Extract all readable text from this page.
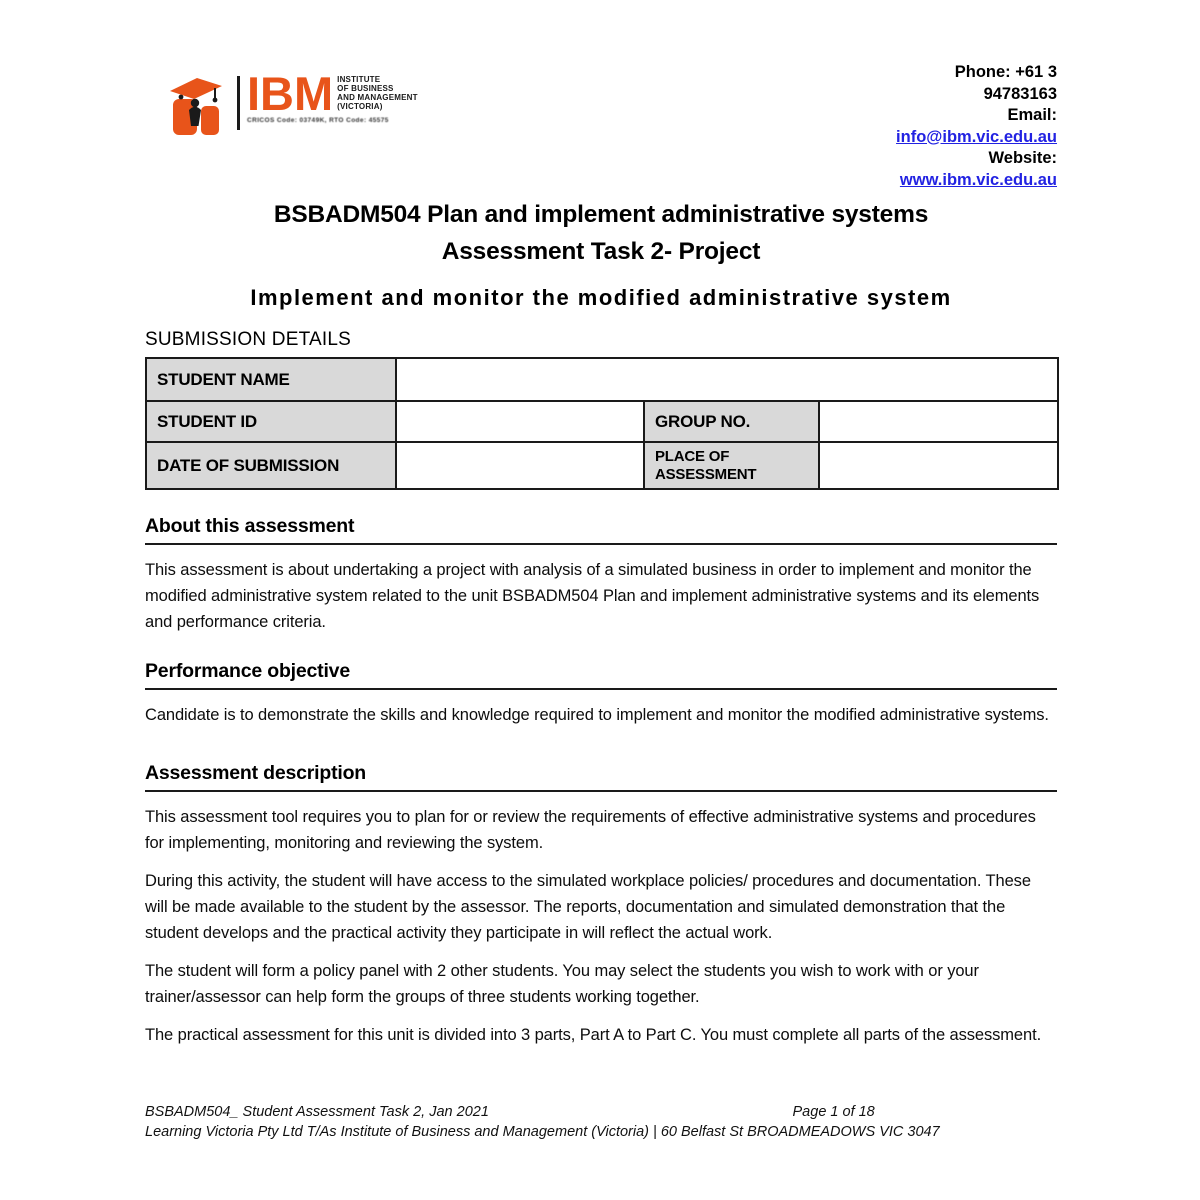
IBM INSTITUTE
OF BUSINESS
AND MANAGEMENT
(VICTORIA)
CRICOS Code: 03749K, RTO Code: 45575
Phone: +61 3
94783163
Email:
info@ibm.vic.edu.au
Website:
www.ibm.vic.edu.au
BSBADM504 Plan and implement administrative systems
Assessment Task 2- Project
Implement and monitor the modified administrative system
SUBMISSION DETAILS
STUDENT NAME			
STUDENT ID		GROUP NO.	
DATE OF SUBMISSION		PLACE OF ASSESSMENT	
About this assessment

This assessment is about undertaking a project with analysis of a simulated business in order to implement and monitor the modified administrative system related to the unit BSBADM504 Plan and implement administrative systems and its elements and performance criteria.

Performance objective

Candidate is to demonstrate the skills and knowledge required to implement and monitor the modified administrative systems.

Assessment description

This assessment tool requires you to plan for or review the requirements of effective administrative systems and procedures for implementing, monitoring and reviewing the system.

During this activity, the student will have access to the simulated workplace policies/ procedures and documentation. These will be made available to the student by the assessor. The reports, documentation and simulated demonstration that the student develops and the practical activity they participate in will reflect the actual work.

The student will form a policy panel with 2 other students. You may select the students you wish to work with or your trainer/assessor can help form the groups of three students working together.

The practical assessment for this unit is divided into 3 parts, Part A to Part C. You must complete all parts of the assessment.

BSBADM504_ Student Assessment Task 2, Jan 2021	Page 1 of 18
Learning Victoria Pty Ltd T/As Institute of Business and Management (Victoria) | 60 Belfast St BROADMEADOWS VIC 3047
